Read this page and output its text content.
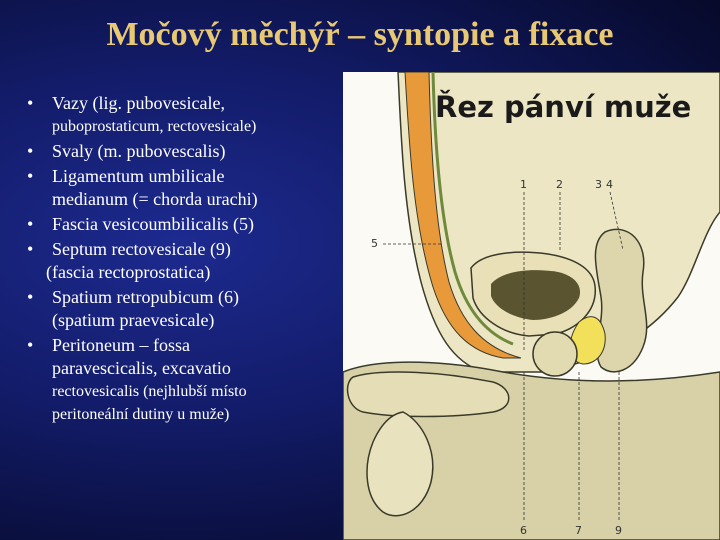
Močový měchýř – syntopie a fixace
• Vazy (lig. pubovesicale,
puboprostaticum, rectovesicale)
• Svaly (m. pubovescalis)
• Ligamentum umbilicale
medianum (= chorda urachi)
• Fascia vesicoumbilicalis (5)
• Septum rectovesicale (9)
(fascia rectoprostatica)
• Spatium retropubicum (6)
(spatium praevesicale)
• Peritoneum – fossa
paravescicalis, excavatio
rectovesicalis (nejhlubší místo
peritoneální dutiny u muže)
Řez pánví muže
1	2	3 4
5
6	7	9
